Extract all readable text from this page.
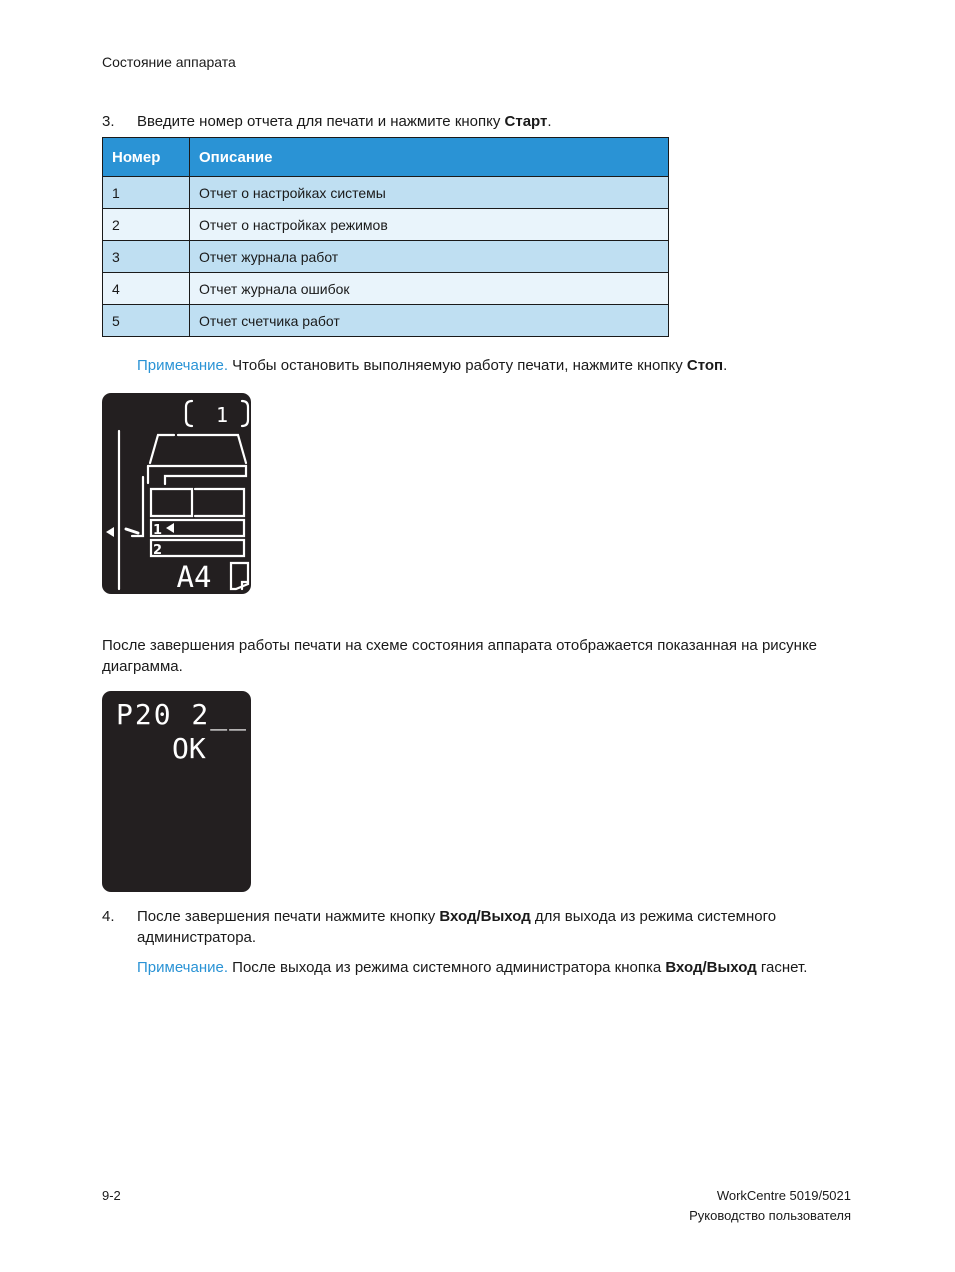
Состояние аппарата
3. Введите номер отчета для печати и нажмите кнопку Старт.
Номер	Описание
1	Отчет о настройках системы
2	Отчет о настройках режимов
3	Отчет журнала работ
4	Отчет журнала ошибок
5	Отчет счетчика работ
Примечание. Чтобы остановить выполняемую работу печати, нажмите кнопку Стоп.
1
1
2
A4
После завершения работы печати на схеме состояния аппарата отображается показанная на рисунке диаграмма.
P20 2__
OK
4. После завершения печати нажмите кнопку Вход/Выход для выхода из режима системного администратора.
Примечание. После выхода из режима системного администратора кнопка Вход/Выход гаснет.
9-2	WorkCentre 5019/5021
Руководство пользователя
